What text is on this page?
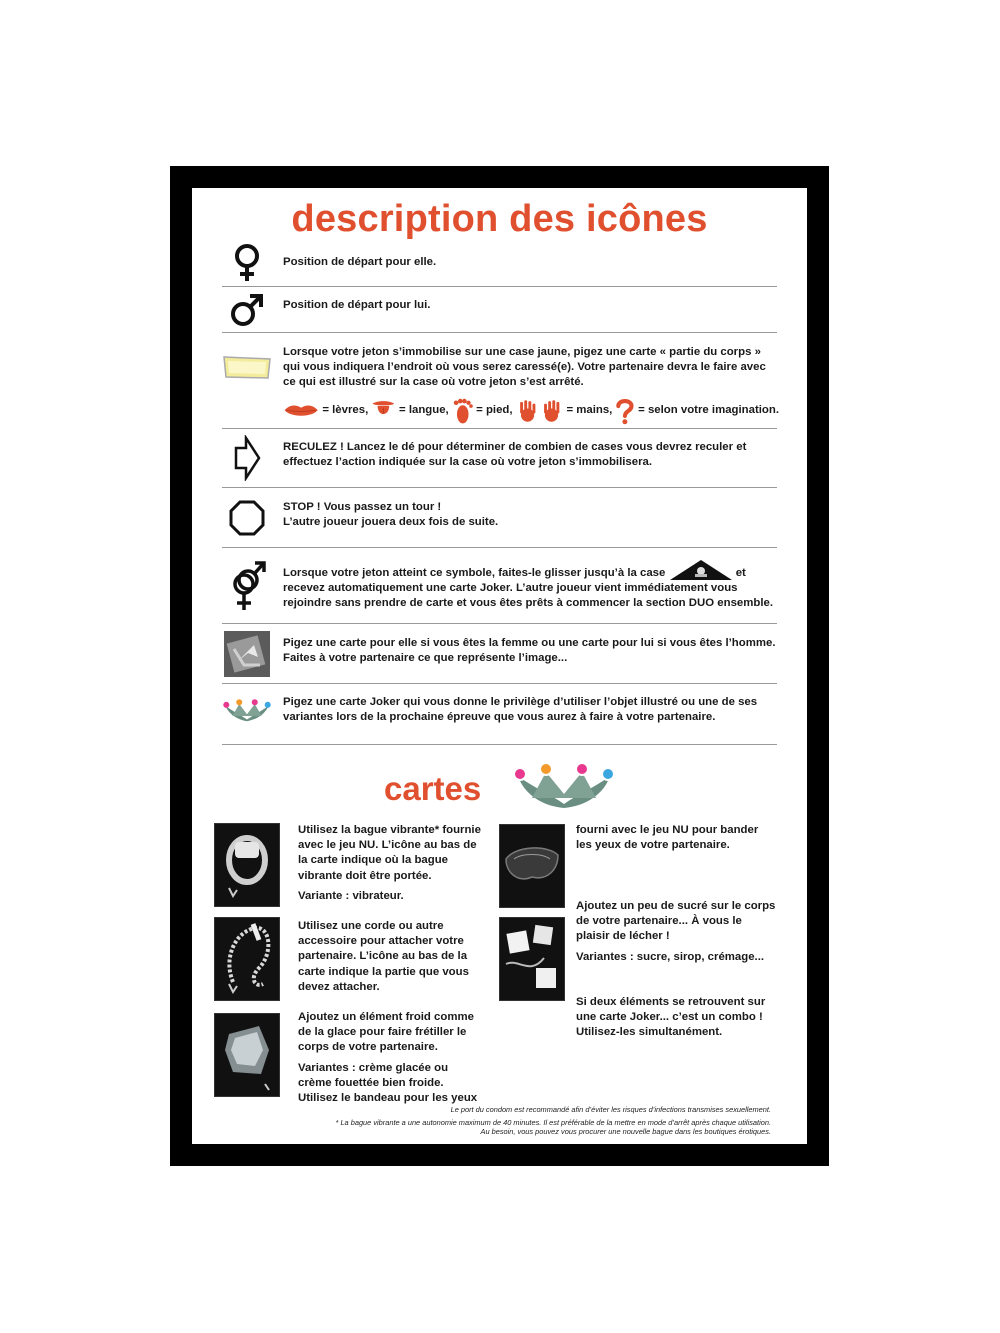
description des icônes

Position de départ pour elle.

Position de départ pour lui.

Lorsque votre jeton s’immobilise sur une case jaune, pigez une carte « partie du corps » qui vous indiquera l’endroit où vous serez caressé(e). Votre partenaire devra le faire avec ce qui est illustré sur la case où votre jeton s’est arrêté.

= lèvres,	= langue, = pied,	= mains, = selon votre imagination.

RECULEZ ! Lancez le dé pour déterminer de combien de cases vous devrez reculer et effectuez l’action indiquée sur la case où votre jeton s’immobilisera.

STOP ! Vous passez un tour !

L’autre joueur jouera deux fois de suite.

Lorsque votre jeton atteint ce symbole, faites-le glisser jusqu’à la case	et recevez automatiquement une carte Joker. L’autre joueur vient immédiatement vous rejoindre sans prendre de carte et vous êtes prêts à commencer la section DUO ensemble.

Pigez une carte pour elle si vous êtes la femme ou une carte pour lui si vous êtes l’homme.

Faites à votre partenaire ce que représente l’image...

Pigez une carte Joker qui vous donne le privilège d’utiliser l’objet illustré ou une de ses variantes lors de la prochaine épreuve que vous aurez à faire à votre partenaire.

cartes

Utilisez la bague vibrante* fournie avec le jeu NU. L’icône au bas de la carte indique où la bague vibrante doit être portée.

Variante : vibrateur.

Utilisez une corde ou autre accessoire pour attacher votre partenaire. L’icône au bas de la carte indique la partie que vous devez attacher.

Ajoutez un élément froid comme de la glace pour faire frétiller le corps de votre partenaire.

Variantes : crème glacée ou crème fouettée bien froide.
Utilisez le bandeau pour les yeux

fourni avec le jeu NU pour bander les yeux de votre partenaire.

Ajoutez un peu de sucré sur le corps de votre partenaire... À vous le plaisir de lécher !

Variantes : sucre, sirop, crémage...

Si deux éléments se retrouvent sur une carte Joker... c’est un combo ! Utilisez-les simultanément.

Le port du condom est recommandé afin d’éviter les risques d’infections transmises sexuellement.
* La bague vibrante a une autonomie maximum de 40 minutes. Il est préférable de la mettre en mode d’arrêt après chaque utilisation.
Au besoin, vous pouvez vous procurer une nouvelle bague dans les boutiques érotiques.
